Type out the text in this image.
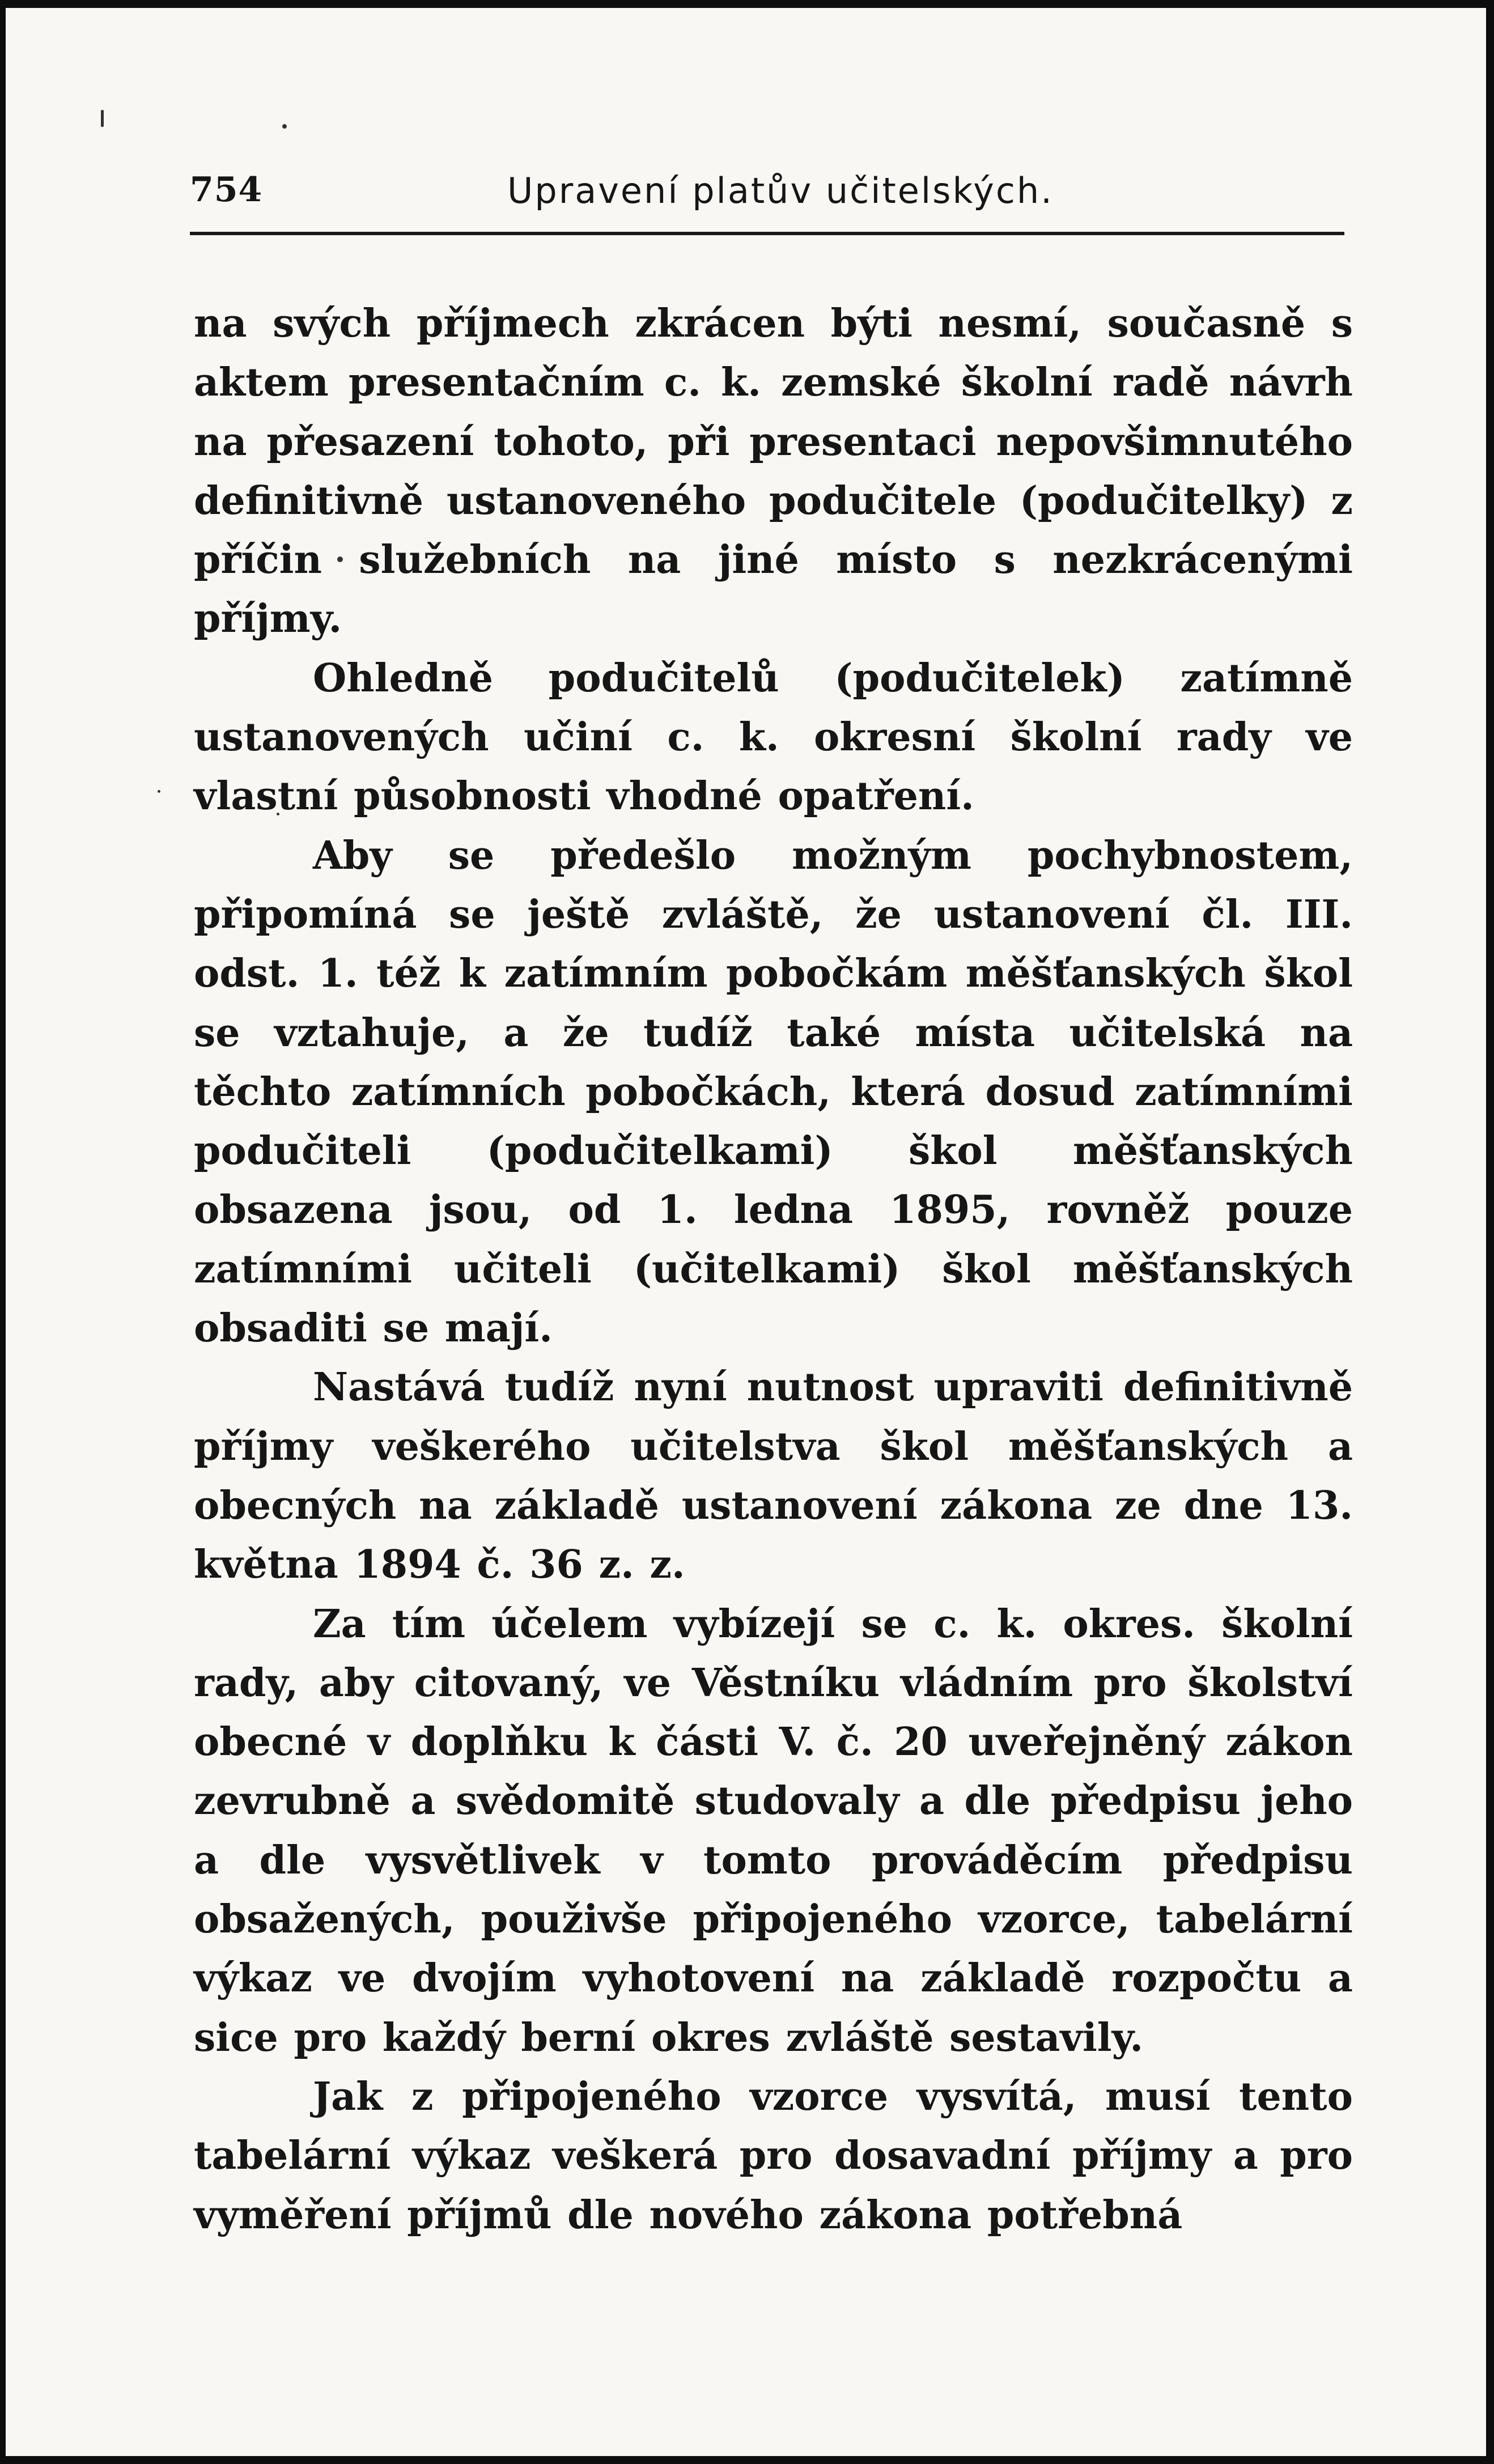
754	Upravení platův učitelských.

na svých příjmech zkrácen býti nesmí, současně s aktem presentačním c. k. zemské školní radě návrh na přesazení tohoto, při presentaci nepovšimnutého definitivně ustanoveného podučitele (podučitelky) z příčin služebních na jiné místo s nezkrácenými příjmy.

Ohledně podučitelů (podučitelek) zatímně ustanovených učiní c. k. okresní školní rady ve vlastní působnosti vhodné opatření.

Aby se předešlo možným pochybnostem, připomíná se ještě zvláště, že ustanovení čl. III. odst. 1. též k zatímním pobočkám měšťanských škol se vztahuje, a že tudíž také místa učitelská na těchto zatímních pobočkách, která dosud zatímními podučiteli (podučitelkami) škol měšťanských obsazena jsou, od 1. ledna 1895, rovněž pouze zatímními učiteli (učitelkami) škol měšťanských obsaditi se mají.

Nastává tudíž nyní nutnost upraviti definitivně příjmy veškerého učitelstva škol měšťanských a obecných na základě ustanovení zákona ze dne 13. května 1894 č. 36 z. z.

Za tím účelem vybízejí se c. k. okres. školní rady, aby citovaný, ve Věstníku vládním pro školství obecné v doplňku k části V. č. 20 uveřejněný zákon zevrubně a svědomitě studovaly a dle předpisu jeho a dle vysvětlivek v tomto prováděcím předpisu obsažených, použivše připojeného vzorce, tabelární výkaz ve dvojím vyhotovení na základě rozpočtu a sice pro každý berní okres zvláště sestavily.

Jak z připojeného vzorce vysvítá, musí tento tabelární výkaz veškerá pro dosavadní příjmy a pro vyměření příjmů dle nového zákona potřebná
